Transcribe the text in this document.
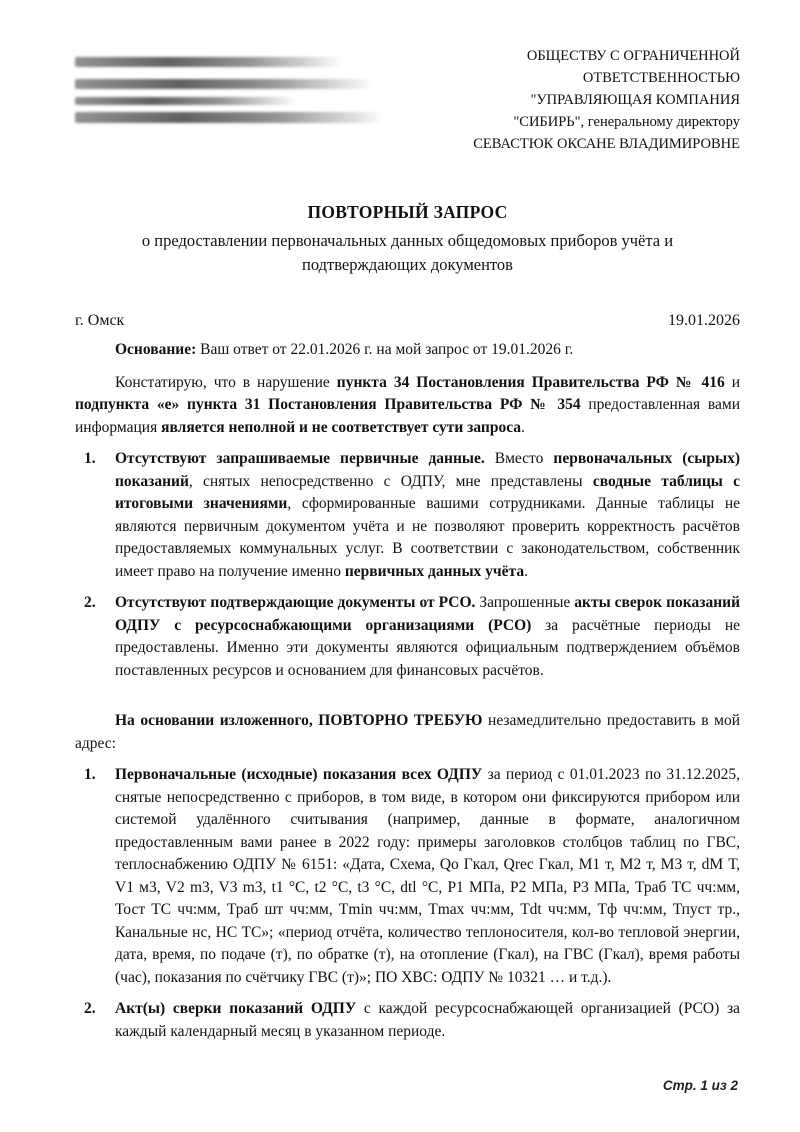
ОБЩЕСТВУ С ОГРАНИЧЕННОЙ
ОТВЕТСТВЕННОСТЬЮ
"УПРАВЛЯЮЩАЯ КОМПАНИЯ
"СИБИРЬ", генеральному директору
СЕВАСТЮК ОКСАНЕ ВЛАДИМИРОВНЕ
ПОВТОРНЫЙ ЗАПРОС
о предоставлении первоначальных данных общедомовых приборов учёта и подтверждающих документов
г. Омск	19.01.2026

Основание: Ваш ответ от 22.01.2026 г. на мой запрос от 19.01.2026 г.

Констатирую, что в нарушение пункта 34 Постановления Правительства РФ № 416 и подпункта «е» пункта 31 Постановления Правительства РФ № 354 предоставленная вами информация является неполной и не соответствует сути запроса.

1.	Отсутствуют запрашиваемые первичные данные. Вместо первоначальных (сырых) показаний, снятых непосредственно с ОДПУ, мне представлены сводные таблицы с итоговыми значениями, сформированные вашими сотрудниками. Данные таблицы не являются первичным документом учёта и не позволяют проверить корректность расчётов предоставляемых коммунальных услуг. В соответствии с законодательством, собственник имеет право на получение именно первичных данных учёта.
2.	Отсутствуют подтверждающие документы от РСО. Запрошенные акты сверок показаний ОДПУ с ресурсоснабжающими организациями (РСО) за расчётные периоды не предоставлены. Именно эти документы являются официальным подтверждением объёмов поставленных ресурсов и основанием для финансовых расчётов.

На основании изложенного, ПОВТОРНО ТРЕБУЮ незамедлительно предоставить в мой адрес:

1.	Первоначальные (исходные) показания всех ОДПУ за период с 01.01.2023 по 31.12.2025, снятые непосредственно с приборов, в том виде, в котором они фиксируются прибором или системой удалённого считывания (например, данные в формате, аналогичном предоставленным вами ранее в 2022 году: примеры заголовков столбцов таблиц по ГВС, теплоснабжению ОДПУ № 6151: «Дата, Схема, Qo Гкал, Qrec Гкал, М1 т, М2 т, М3 т, dM Т, V1 м3, V2 m3, V3 m3, t1 °C, t2 °C, t3 °C, dtl °C, P1 МПа, Р2 МПа, Р3 МПа, Траб ТС чч:мм, Тост ТС чч:мм, Траб шт чч:мм, Tmin чч:мм, Tmax чч:мм, Tdt чч:мм, Тф чч:мм, Тпуст тр., Канальные нс, НС ТС»; «период отчёта, количество теплоносителя, кол-во тепловой энергии, дата, время, по подаче (т), по обратке (т), на отопление (Гкал), на ГВС (Гкал), время работы (час), показания по счётчику ГВС (т)»; ПО ХВС: ОДПУ № 10321 … и т.д.).
2.	Акт(ы) сверки показаний ОДПУ с каждой ресурсоснабжающей организацией (РСО) за каждый календарный месяц в указанном периоде.
Стр. 1 из 2
